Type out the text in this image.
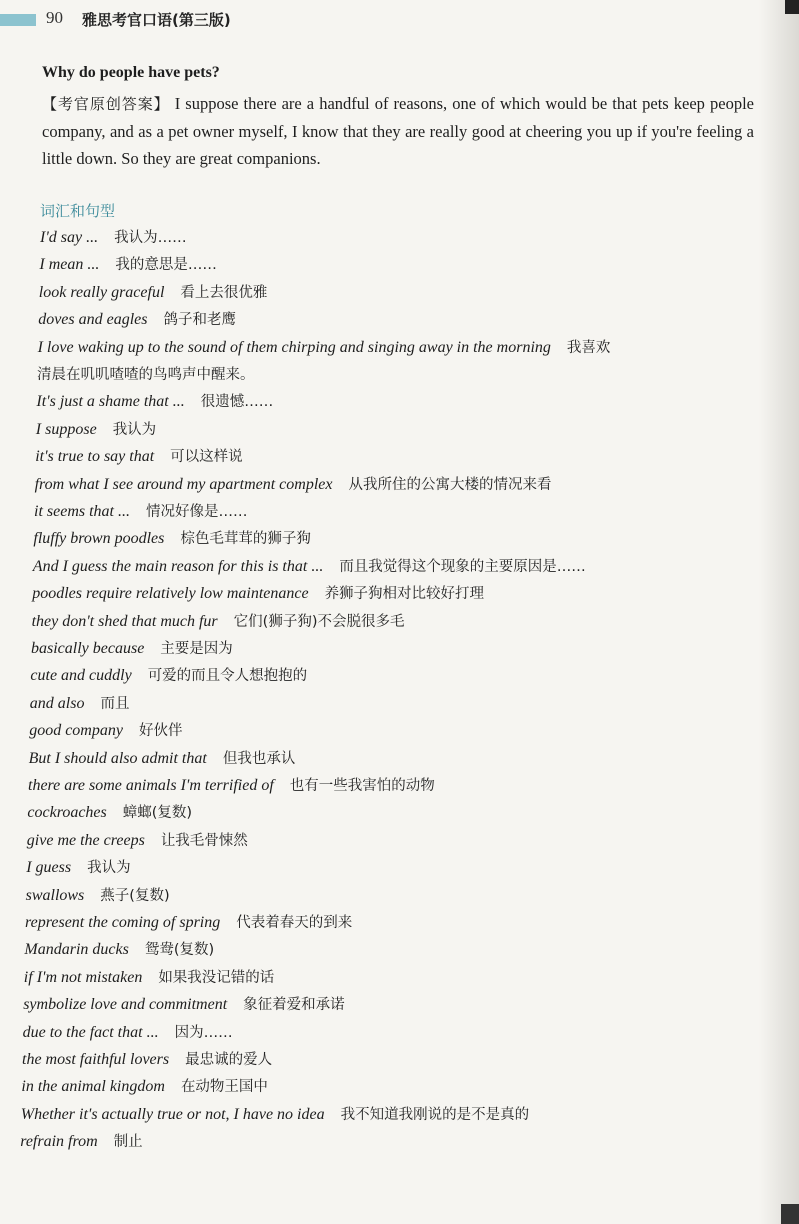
90 雅思考官口语(第三版)
Why do people have pets?
【考官原创答案】 I suppose there are a handful of reasons, one of which would be that pets keep people company, and as a pet owner myself, I know that they are really good at cheering you up if you're feeling a little down. So they are great companions.
词汇和句型
I'd say ... 我认为……
I mean ... 我的意思是……
look really graceful 看上去很优雅
doves and eagles 鸽子和老鹰
I love waking up to the sound of them chirping and singing away in the morning 我喜欢
清晨在叽叽喳喳的鸟鸣声中醒来。
It's just a shame that ... 很遗憾……
I suppose 我认为
it's true to say that 可以这样说
from what I see around my apartment complex 从我所住的公寓大楼的情况来看
it seems that ... 情况好像是……
fluffy brown poodles 棕色毛茸茸的狮子狗
And I guess the main reason for this is that ... 而且我觉得这个现象的主要原因是……
poodles require relatively low maintenance 养狮子狗相对比较好打理
they don't shed that much fur 它们(狮子狗)不会脱很多毛
basically because 主要是因为
cute and cuddly 可爱的而且令人想抱抱的
and also 而且
good company 好伙伴
But I should also admit that 但我也承认
there are some animals I'm terrified of 也有一些我害怕的动物
cockroaches 蟑螂(复数)
give me the creeps 让我毛骨悚然
I guess 我认为
swallows 燕子(复数)
represent the coming of spring 代表着春天的到来
Mandarin ducks 鸳鸯(复数)
if I'm not mistaken 如果我没记错的话
symbolize love and commitment 象征着爱和承诺
due to the fact that ... 因为……
the most faithful lovers 最忠诚的爱人
in the animal kingdom 在动物王国中
Whether it's actually true or not, I have no idea 我不知道我刚说的是不是真的
refrain from 制止
